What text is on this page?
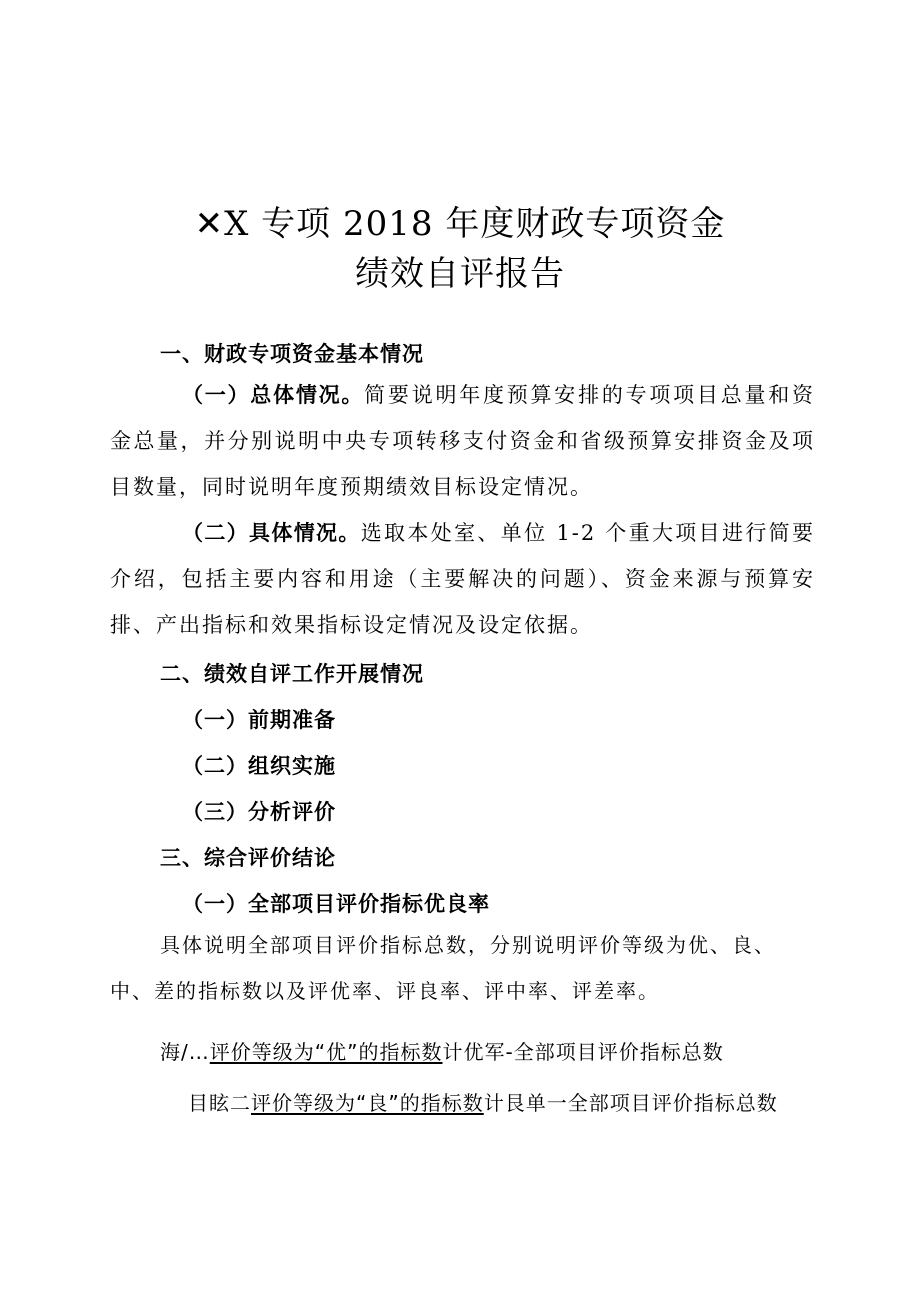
✕X 专项 2018 年度财政专项资金
绩效自评报告
一、财政专项资金基本情况
（一）总体情况。简要说明年度预算安排的专项项目总量和资金总量，并分别说明中央专项转移支付资金和省级预算安排资金及项目数量，同时说明年度预期绩效目标设定情况。
（二）具体情况。选取本处室、单位 1-2 个重大项目进行简要介绍，包括主要内容和用途（主要解决的问题）、资金来源与预算安排、产出指标和效果指标设定情况及设定依据。
二、绩效自评工作开展情况
（一）前期准备
（二）组织实施
（三）分析评价
三、综合评价结论
（一）全部项目评价指标优良率
具体说明全部项目评价指标总数，分别说明评价等级为优、良、中、差的指标数以及评优率、评良率、评中率、评差率。
海/…评价等级为“优”的指标数计优军-全部项目评价指标总数
目眩二评价等级为“良”的指标数计艮单一全部项目评价指标总数
